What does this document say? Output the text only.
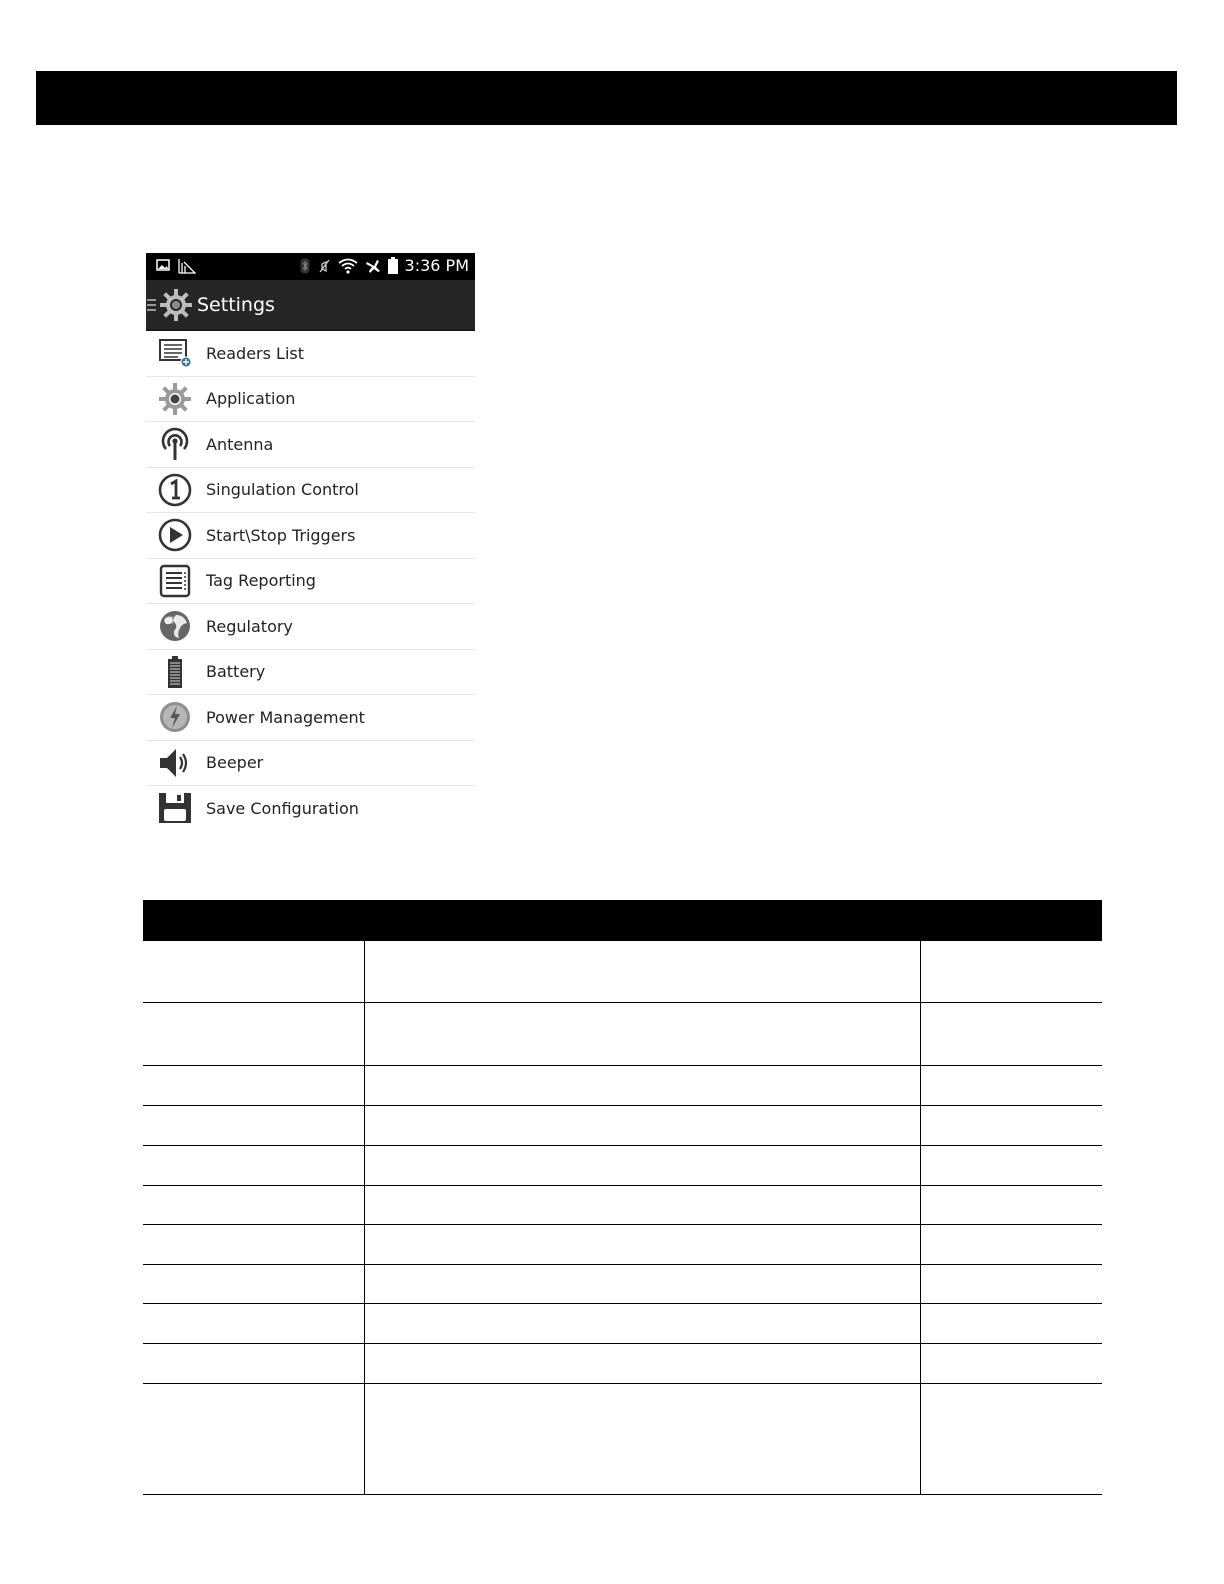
3:36 PM
Settings
Readers List
Application
Antenna
Singulation Control
Start\Stop Triggers
Tag Reporting
Regulatory
Battery
Power Management
Beeper
Save Configuration
